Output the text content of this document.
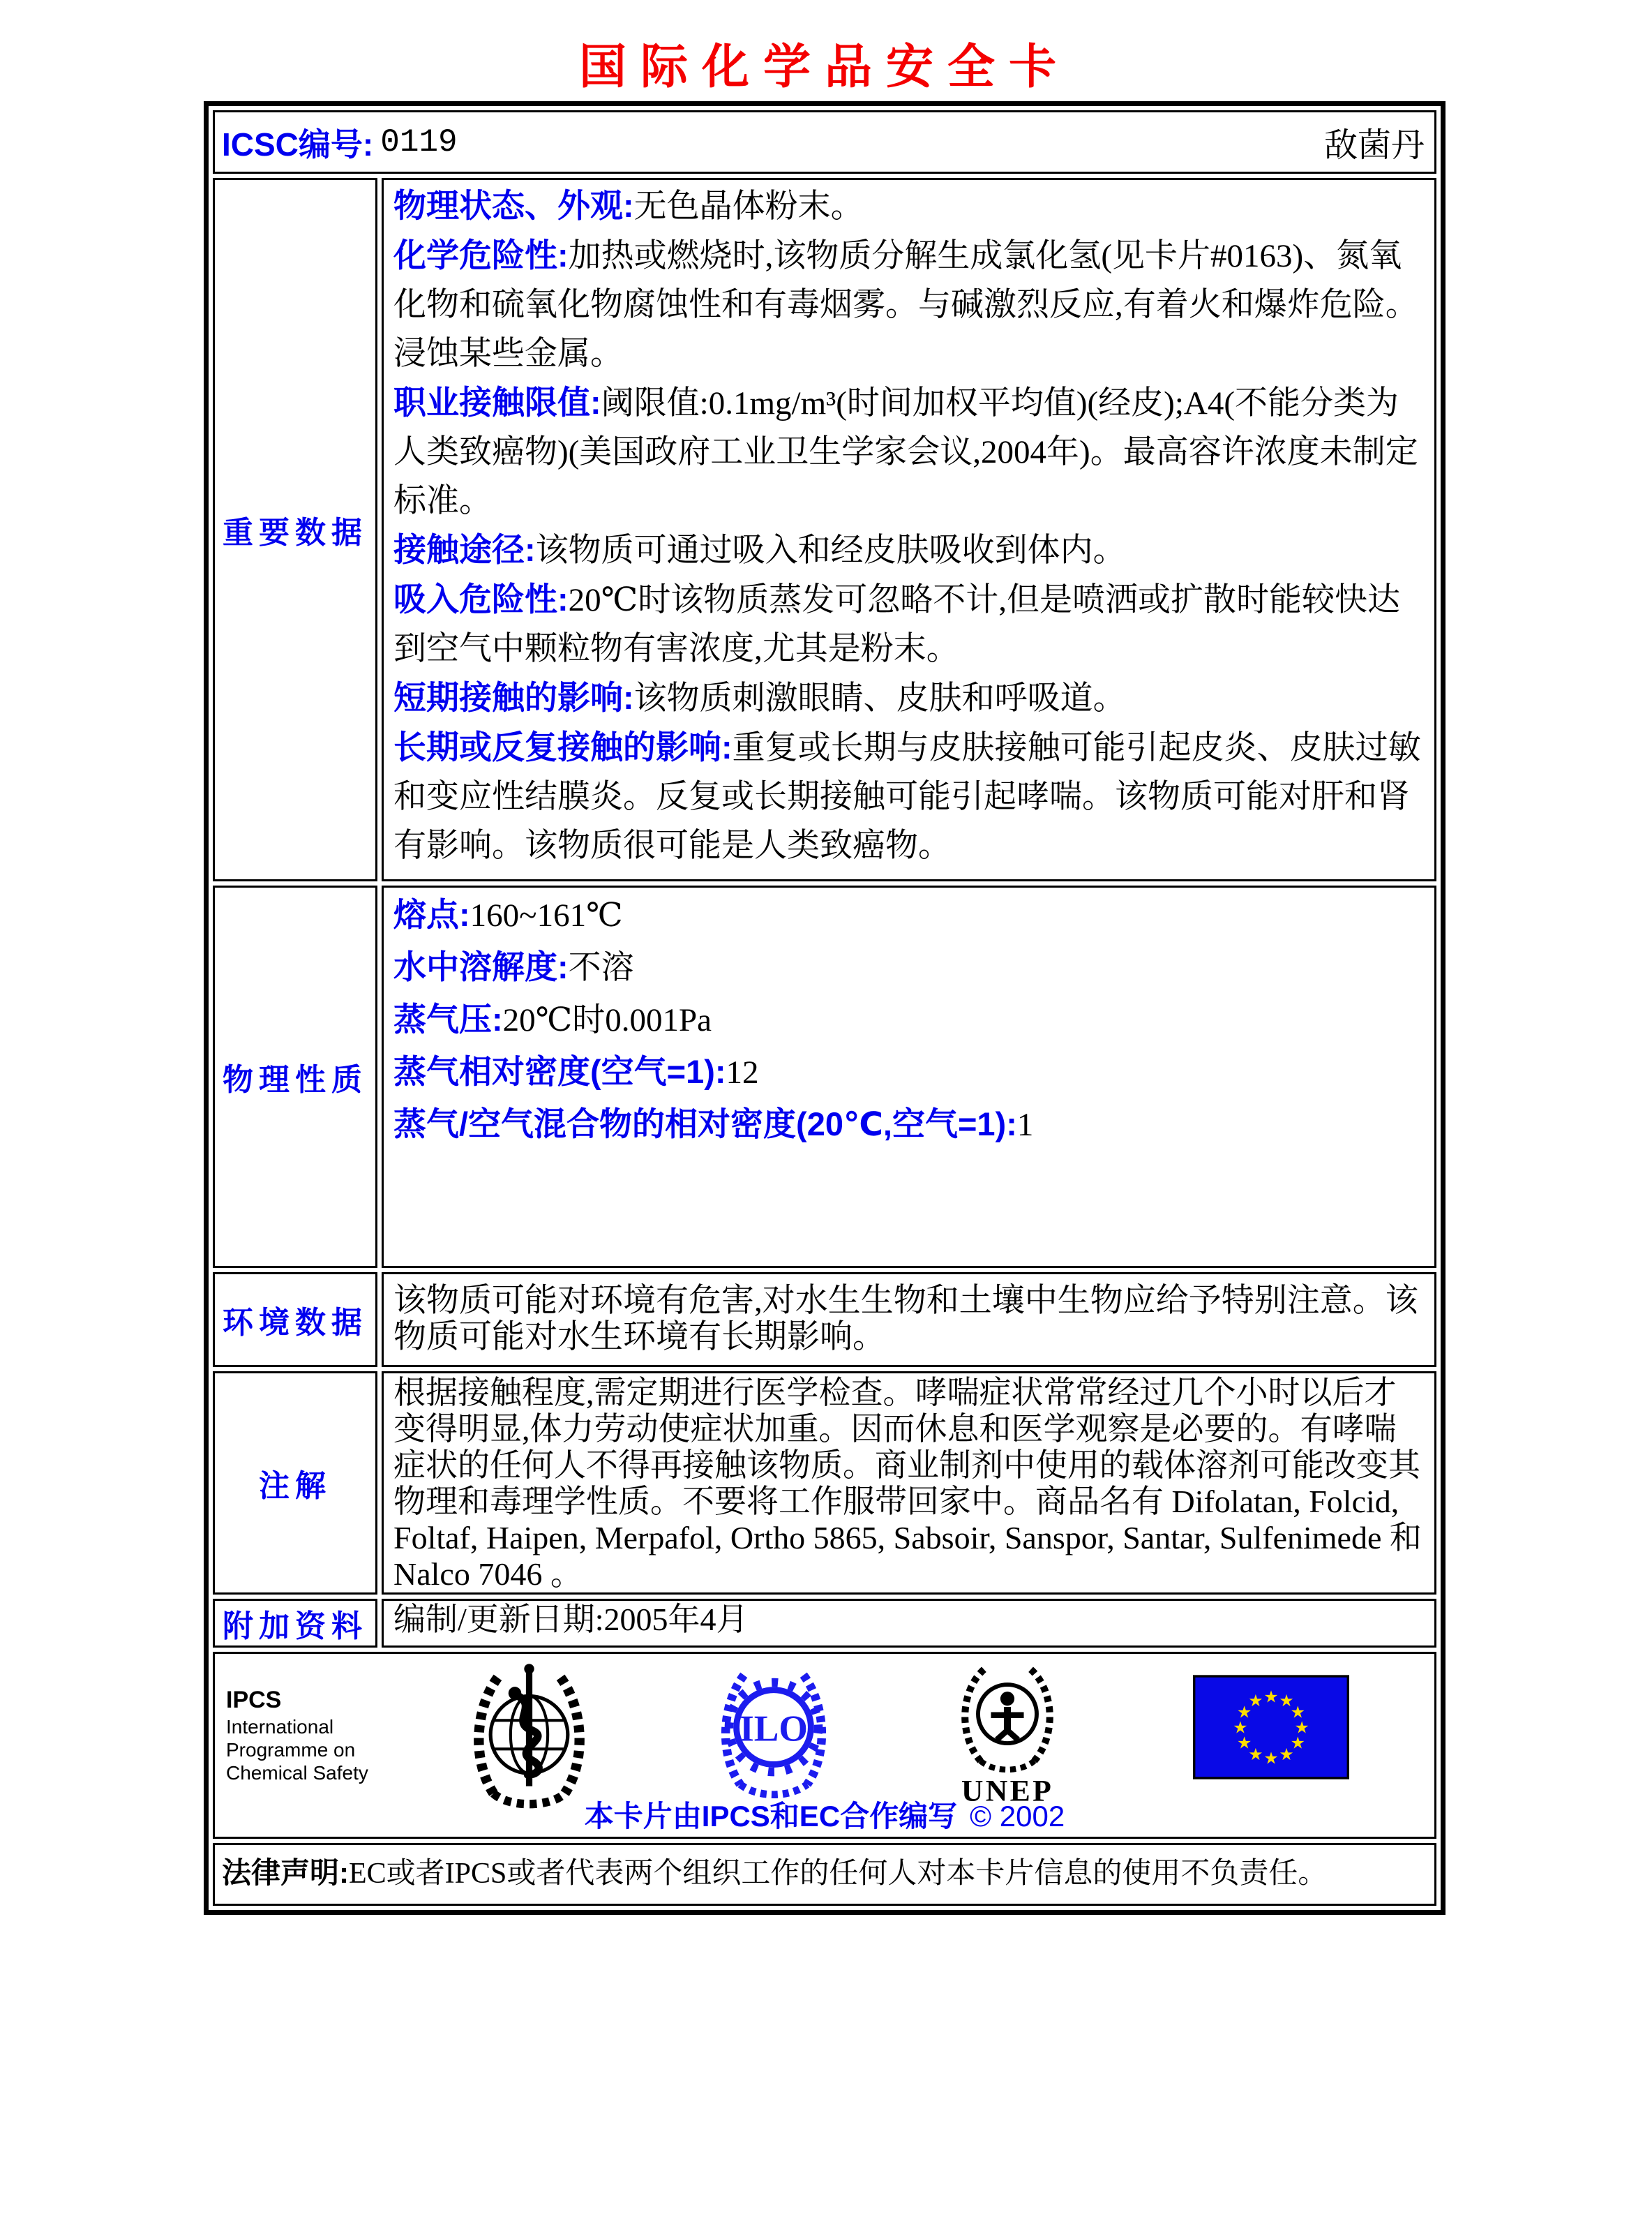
国际化学品安全卡
ICSC编号: 0119 敌菌丹	

重要数据	

物理状态、外观:无色晶体粉末。

化学危险性:加热或燃烧时,该物质分解生成氯化氢(见卡片#0163)、氮氧化物和硫氧化物腐蚀性和有毒烟雾。与碱激烈反应,有着火和爆炸危险。浸蚀某些金属。

职业接触限值:阈限值:0.1mg/m³(时间加权平均值)(经皮);A4(不能分类为人类致癌物)(美国政府工业卫生学家会议,2004年)。最高容许浓度未制定标准。

接触途径:该物质可通过吸入和经皮肤吸收到体内。

吸入危险性:20℃时该物质蒸发可忽略不计,但是喷洒或扩散时能较快达到空气中颗粒物有害浓度,尤其是粉末。

短期接触的影响:该物质刺激眼睛、皮肤和呼吸道。

长期或反复接触的影响:重复或长期与皮肤接触可能引起皮炎、皮肤过敏和变应性结膜炎。反复或长期接触可能引起哮喘。该物质可能对肝和肾有影响。该物质很可能是人类致癌物。

物理性质	熔点:160~161℃

水中溶解度:不溶

蒸气压:20℃时0.001Pa

蒸气相对密度(空气=1):12

蒸气/空气混合物的相对密度(20℃,空气=1):1

环境数据	该物质可能对环境有危害,对水生生物和土壤中生物应给予特别注意。该物质可能对水生环境有长期影响。

注解	根据接触程度,需定期进行医学检查。哮喘症状常常经过几个小时以后才变得明显,体力劳动使症状加重。因而休息和医学观察是必要的。有哮喘症状的任何人不得再接触该物质。商业制剂中使用的载体溶剂可能改变其物理和毒理学性质。不要将工作服带回家中。商品名有 Difolatan, Folcid, Foltaf, Haipen, Merpafol, Ortho 5865, Sabsoir, Sanspor, Santar, Sulfenimede 和 Nalco 7046 。

附加资料	编制/更新日期:2005年4月

IPCS
International
Programme on
Chemical Safety
ILO
UNEP
★ ★
★
★
★
★
★
★
★
★
★
★
本卡片由IPCS和EC合作编写 © 2002

法律声明:EC或者IPCS或者代表两个组织工作的任何人对本卡片信息的使用不负责任。	
